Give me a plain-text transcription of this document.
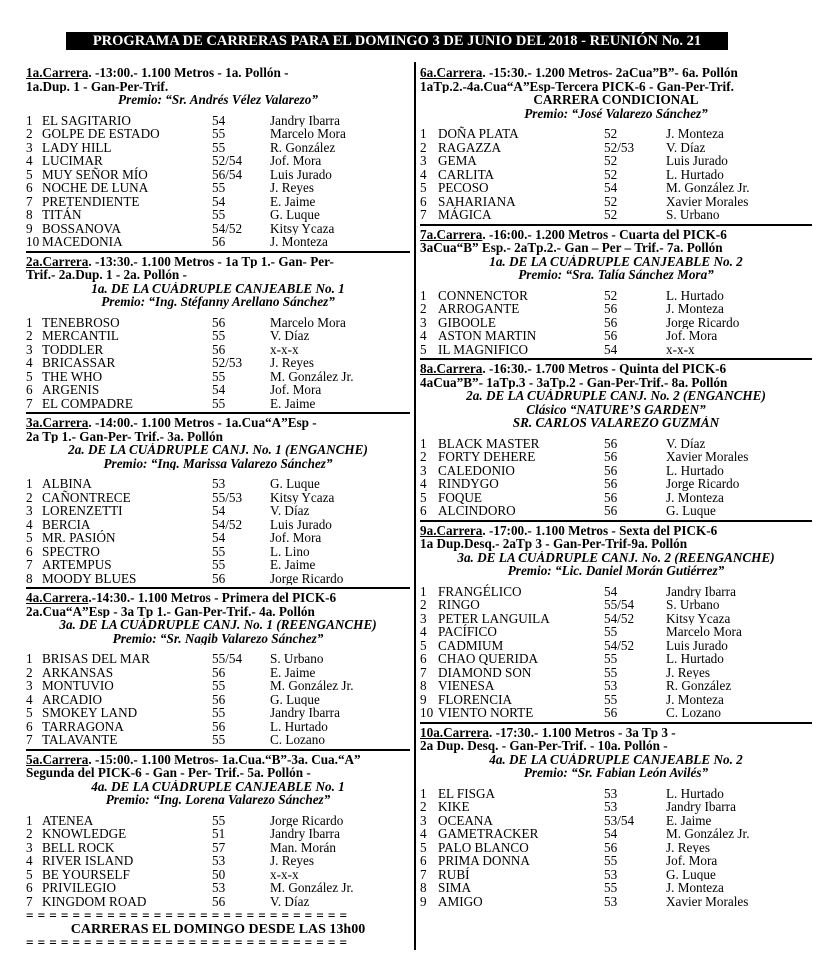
PROGRAMA DE CARRERAS PARA EL DOMINGO 3 DE JUNIO DEL 2018 - REUNIÓN No. 21
1a.Carrera. -13:00.- 1.100 Metros - 1a. Pollón -
1a.Dup. 1 - Gan-Per-Trif.
Premio: “Sr. Andrés Vélez Valarezo”
1 EL SAGITARIO	54	Jandry Ibarra
2 GOLPE DE ESTADO	55	Marcelo Mora
3 LADY HILL	55	R. González
4 LUCIMAR	52/54	Jof. Mora
5 MUY SEÑOR MÍO	56/54	Luis Jurado
6 NOCHE DE LUNA	55	J. Reyes
7 PRETENDIENTE	54	E. Jaime
8 TITÁN	55	G. Luque
9 BOSSANOVA	54/52	Kitsy Ycaza
10 MACEDONIA	56	J. Monteza
2a.Carrera. -13:30.- 1.100 Metros - 1a Tp 1.- Gan- Per-
Trif.- 2a.Dup. 1 - 2a. Pollón -
1a. DE LA CUÁDRUPLE CANJEABLE No. 1
Premio: “Ing. Stéfanny Arellano Sánchez”
1 TENEBROSO	56	Marcelo Mora
2 MERCANTIL	55	V. Díaz
3 TODDLER	56	x-x-x
4 BRICASSAR	52/53	J. Reyes
5 THE WHO	55	M. González Jr.
6 ARGENIS	54	Jof. Mora
7 EL COMPADRE	55	E. Jaime
3a.Carrera. -14:00.- 1.100 Metros - 1a.Cua“A”Esp -
2a Tp 1.- Gan-Per- Trif.- 3a. Pollón
2a. DE LA CUÁDRUPLE CANJ. No. 1 (ENGANCHE)
Premio: “Ing. Marissa Valarezo Sánchez”
1 ALBINA	53	G. Luque
2 CAÑONTRECE	55/53	Kitsy Ycaza
3 LORENZETTI	54	V. Díaz
4 BERCIA	54/52	Luis Jurado
5 MR. PASIÓN	54	Jof. Mora
6 SPECTRO	55	L. Lino
7 ARTEMPUS	55	E. Jaime
8 MOODY BLUES	56	Jorge Ricardo
4a.Carrera.-14:30.- 1.100 Metros - Primera del PICK-6
2a.Cua“A”Esp - 3a Tp 1.- Gan-Per-Trif.- 4a. Pollón
3a. DE LA CUÁDRUPLE CANJ. No. 1 (REENGANCHE)
Premio: “Sr. Nagib Valarezo Sánchez”
1 BRISAS DEL MAR	55/54	S. Urbano
2 ARKANSAS	56	E. Jaime
3 MONTUVIO	55	M. González Jr.
4 ARCADIO	56	G. Luque
5 SMOKEY LAND	55	Jandry Ibarra
6 TARRAGONA	56	L. Hurtado
7 TALAVANTE	55	C. Lozano
5a.Carrera. -15:00.- 1.100 Metros- 1a.Cua.“B”-3a. Cua.“A”
Segunda del PICK-6 - Gan - Per- Trif.- 5a. Pollón -
4a. DE LA CUÁDRUPLE CANJEABLE No. 1
Premio: “Ing. Lorena Valarezo Sánchez”
1 ATENEA	55	Jorge Ricardo
2 KNOWLEDGE	51	Jandry Ibarra
3 BELL ROCK	57	Man. Morán
4 RIVER ISLAND	53	J. Reyes
5 BE YOURSELF	50	x-x-x
6 PRIVILEGIO	53	M. González Jr.
7 KINGDOM ROAD	56	V. Díaz
= = = = = = = = = = = = = = = = = = = = = = = = = = = =
CARRERAS EL DOMINGO DESDE LAS 13h00
= = = = = = = = = = = = = = = = = = = = = = = = = = = =
6a.Carrera. -15:30.- 1.200 Metros- 2aCua”B”- 6a. Pollón
1aTp.2.-4a.Cua“A”Esp-Tercera PICK-6 - Gan-Per-Trif.
CARRERA CONDICIONAL
Premio: “José Valarezo Sánchez”
1 DOÑA PLATA	52	J. Monteza
2 RAGAZZA	52/53	V. Díaz
3 GEMA	52	Luis Jurado
4 CARLITA	52	L. Hurtado
5 PECOSO	54	M. González Jr.
6 SAHARIANA	52	Xavier Morales
7 MÁGICA	52	S. Urbano
7a.Carrera. -16:00.- 1.200 Metros - Cuarta del PICK-6
3aCua“B” Esp.- 2aTp.2.- Gan – Per – Trif.- 7a. Pollón
1a. DE LA CUÁDRUPLE CANJEABLE No. 2
Premio: “Sra. Talía Sánchez Mora”
1 CONNENCTOR	52	L. Hurtado
2 ARROGANTE	56	J. Monteza
3 GIBOOLE	56	Jorge Ricardo
4 ASTON MARTIN	56	Jof. Mora
5 IL MAGNIFICO	54	x-x-x
8a.Carrera. -16:30.- 1.700 Metros - Quinta del PICK-6
4aCua”B”- 1aTp.3 - 3aTp.2 - Gan-Per-Trif.- 8a. Pollón
2a. DE LA CUÁDRUPLE CANJ. No. 2 (ENGANCHE)
Clásico “NATURE’S GARDEN”
SR. CARLOS VALAREZO GUZMÁN
1 BLACK MASTER	56	V. Díaz
2 FORTY DEHERE	56	Xavier Morales
3 CALEDONIO	56	L. Hurtado
4 RINDYGO	56	Jorge Ricardo
5 FOQUE	56	J. Monteza
6 ALCINDORO	56	G. Luque
9a.Carrera. -17:00.- 1.100 Metros - Sexta del PICK-6
1a Dup.Desq.- 2aTp 3 - Gan-Per-Trif-9a. Pollón
3a. DE LA CUÁDRUPLE CANJ. No. 2 (REENGANCHE)
Premio: “Lic. Daniel Morán Gutiérrez”
1 FRANGÉLICO	54	Jandry Ibarra
2 RINGO	55/54	S. Urbano
3 PETER LANGUILA	54/52	Kitsy Ycaza
4 PACÍFICO	55	Marcelo Mora
5 CADMIUM	54/52	Luis Jurado
6 CHAO QUERIDA	55	L. Hurtado
7 DIAMOND SON	55	J. Reyes
8 VIENESA	53	R. González
9 FLORENCIA	55	J. Monteza
10 VIENTO NORTE	56	C. Lozano
10a.Carrera. -17:30.- 1.100 Metros - 3a Tp 3 -
2a Dup. Desq. - Gan-Per-Trif. - 10a. Pollón -
4a. DE LA CUÁDRUPLE CANJEABLE No. 2
Premio: “Sr. Fabian León Avilés”
1 EL FISGA	53	L. Hurtado
2 KIKE	53	Jandry Ibarra
3 OCEANA	53/54	E. Jaime
4 GAMETRACKER	54	M. González Jr.
5 PALO BLANCO	56	J. Reyes
6 PRIMA DONNA	55	Jof. Mora
7 RUBÍ	53	G. Luque
8 SIMA	55	J. Monteza
9 AMIGO	53	Xavier Morales
